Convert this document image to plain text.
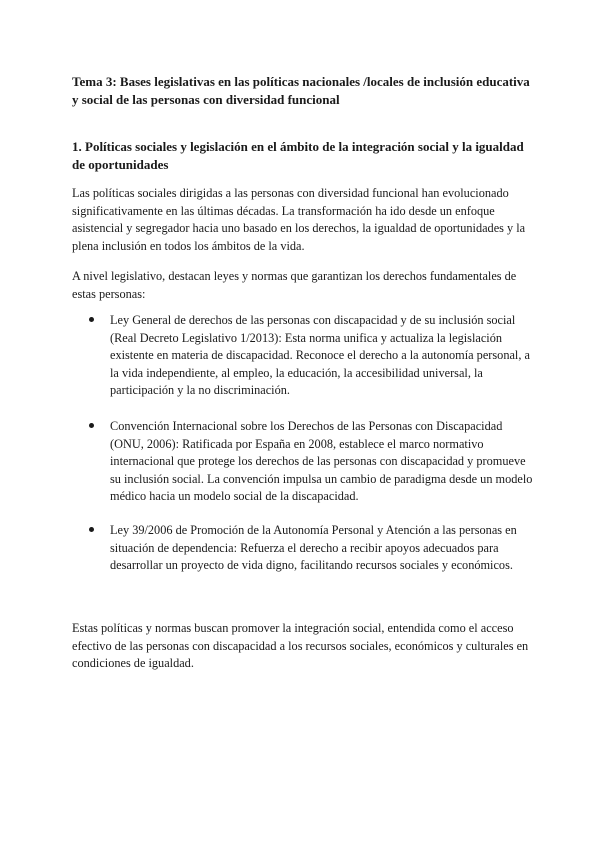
Tema 3: Bases legislativas en las políticas nacionales /locales de inclusión educativa y social de las personas con diversidad funcional

1. Políticas sociales y legislación en el ámbito de la integración social y la igualdad de oportunidades

Las políticas sociales dirigidas a las personas con diversidad funcional han evolucionado significativamente en las últimas décadas. La transformación ha ido desde un enfoque asistencial y segregador hacia uno basado en los derechos, la igualdad de oportunidades y la plena inclusión en todos los ámbitos de la vida.

A nivel legislativo, destacan leyes y normas que garantizan los derechos fundamentales de estas personas:

Ley General de derechos de las personas con discapacidad y de su inclusión social (Real Decreto Legislativo 1/2013): Esta norma unifica y actualiza la legislación existente en materia de discapacidad. Reconoce el derecho a la autonomía personal, a la vida independiente, al empleo, la educación, la accesibilidad universal, la participación y la no discriminación.

Convención Internacional sobre los Derechos de las Personas con Discapacidad (ONU, 2006): Ratificada por España en 2008, establece el marco normativo internacional que protege los derechos de las personas con discapacidad y promueve su inclusión social. La convención impulsa un cambio de paradigma desde un modelo médico hacia un modelo social de la discapacidad.

Ley 39/2006 de Promoción de la Autonomía Personal y Atención a las personas en situación de dependencia: Refuerza el derecho a recibir apoyos adecuados para desarrollar un proyecto de vida digno, facilitando recursos sociales y económicos.

Estas políticas y normas buscan promover la integración social, entendida como el acceso efectivo de las personas con discapacidad a los recursos sociales, económicos y culturales en condiciones de igualdad.
